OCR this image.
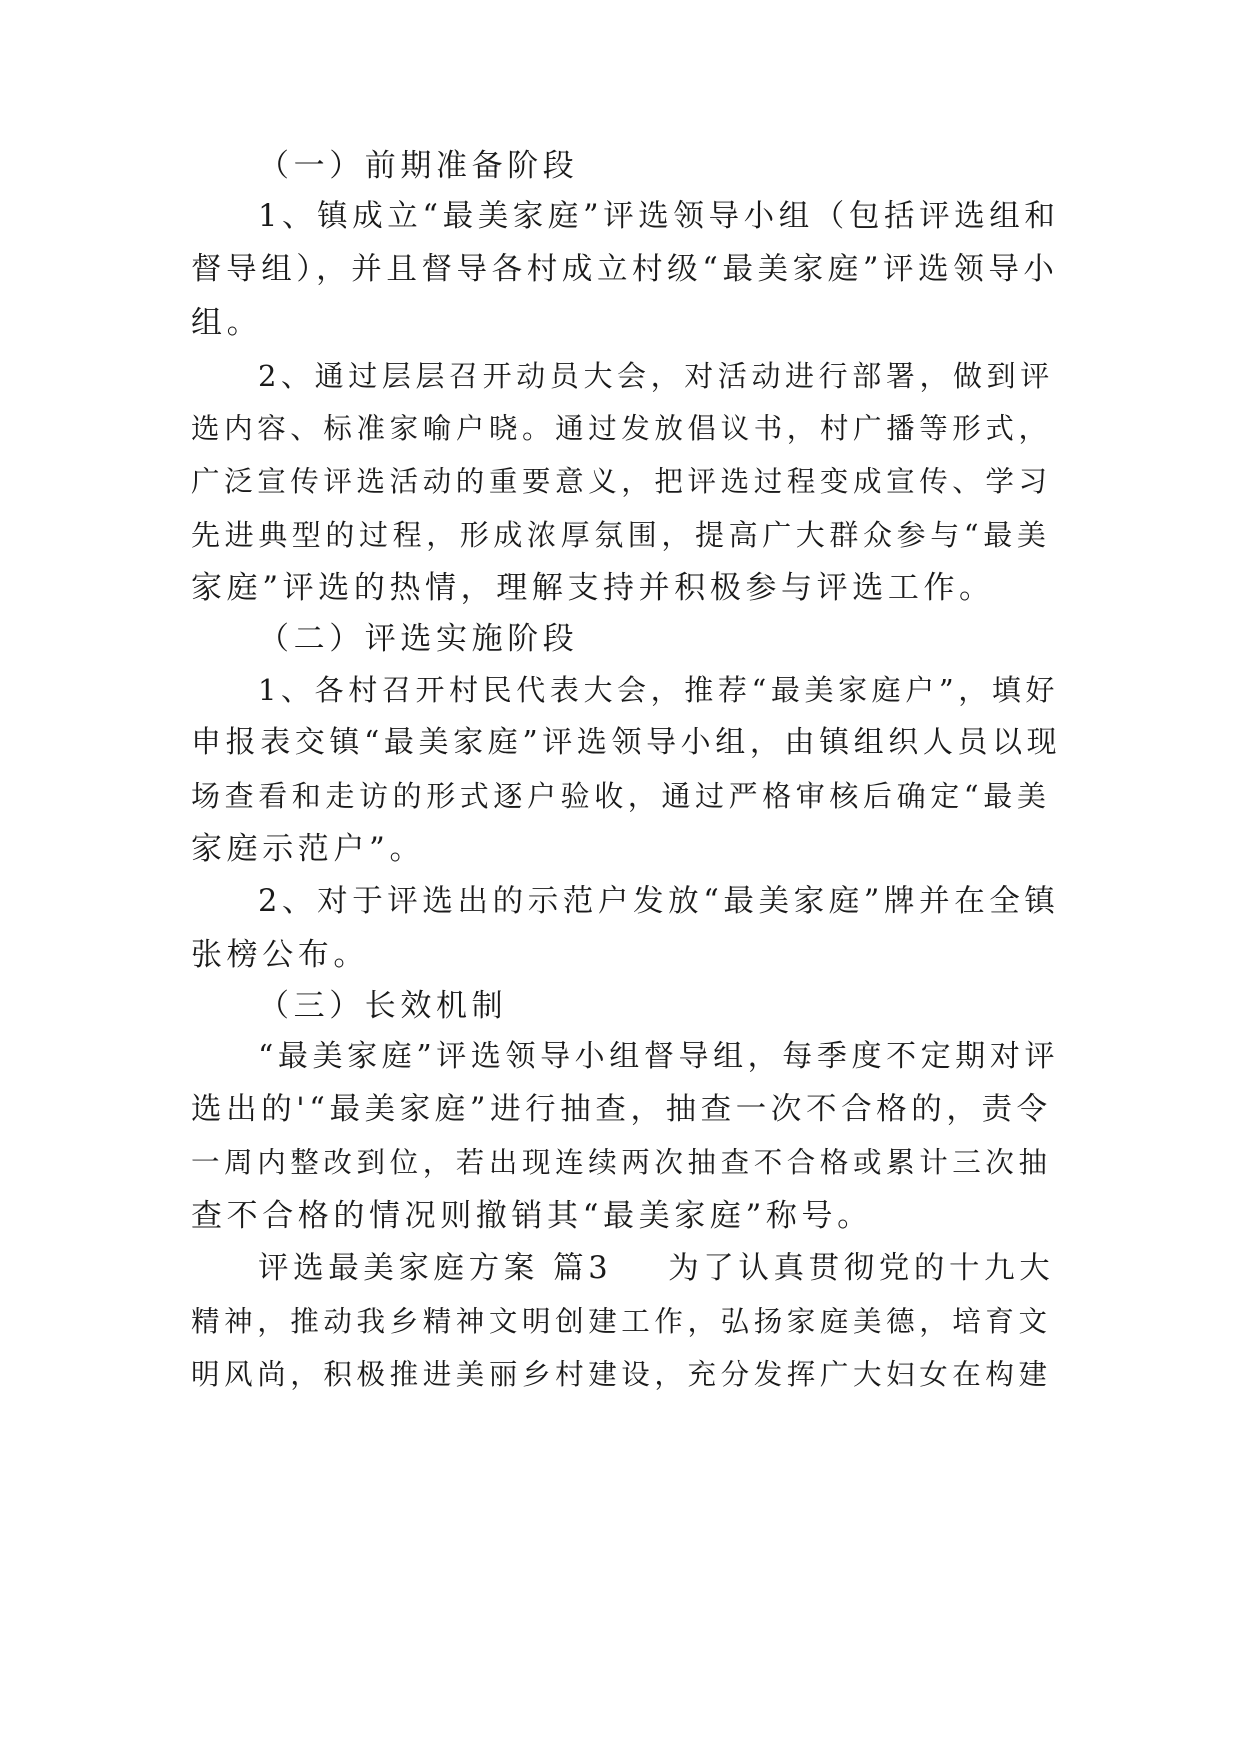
（一）前期准备阶段
1、镇成立“最美家庭”评选领导小组（包括评选组和
督导组），并且督导各村成立村级“最美家庭”评选领导小
组。
2、通过层层召开动员大会，对活动进行部署，做到评
选内容、标准家喻户晓。通过发放倡议书，村广播等形式，
广泛宣传评选活动的重要意义，把评选过程变成宣传、学习
先进典型的过程，形成浓厚氛围，提高广大群众参与“最美
家庭”评选的热情，理解支持并积极参与评选工作。
（二）评选实施阶段
1、各村召开村民代表大会，推荐“最美家庭户”，填好
申报表交镇“最美家庭”评选领导小组，由镇组织人员以现
场查看和走访的形式逐户验收，通过严格审核后确定“最美
家庭示范户”。
2、对于评选出的示范户发放“最美家庭”牌并在全镇
张榜公布。
（三）长效机制
“最美家庭”评选领导小组督导组，每季度不定期对评
选出的'“最美家庭”进行抽查，抽查一次不合格的，责令
一周内整改到位，若出现连续两次抽查不合格或累计三次抽
查不合格的情况则撤销其“最美家庭”称号。
评选最美家庭方案 篇3 为了认真贯彻党的十九大
精神，推动我乡精神文明创建工作，弘扬家庭美德，培育文
明风尚，积极推进美丽乡村建设，充分发挥广大妇女在构建
